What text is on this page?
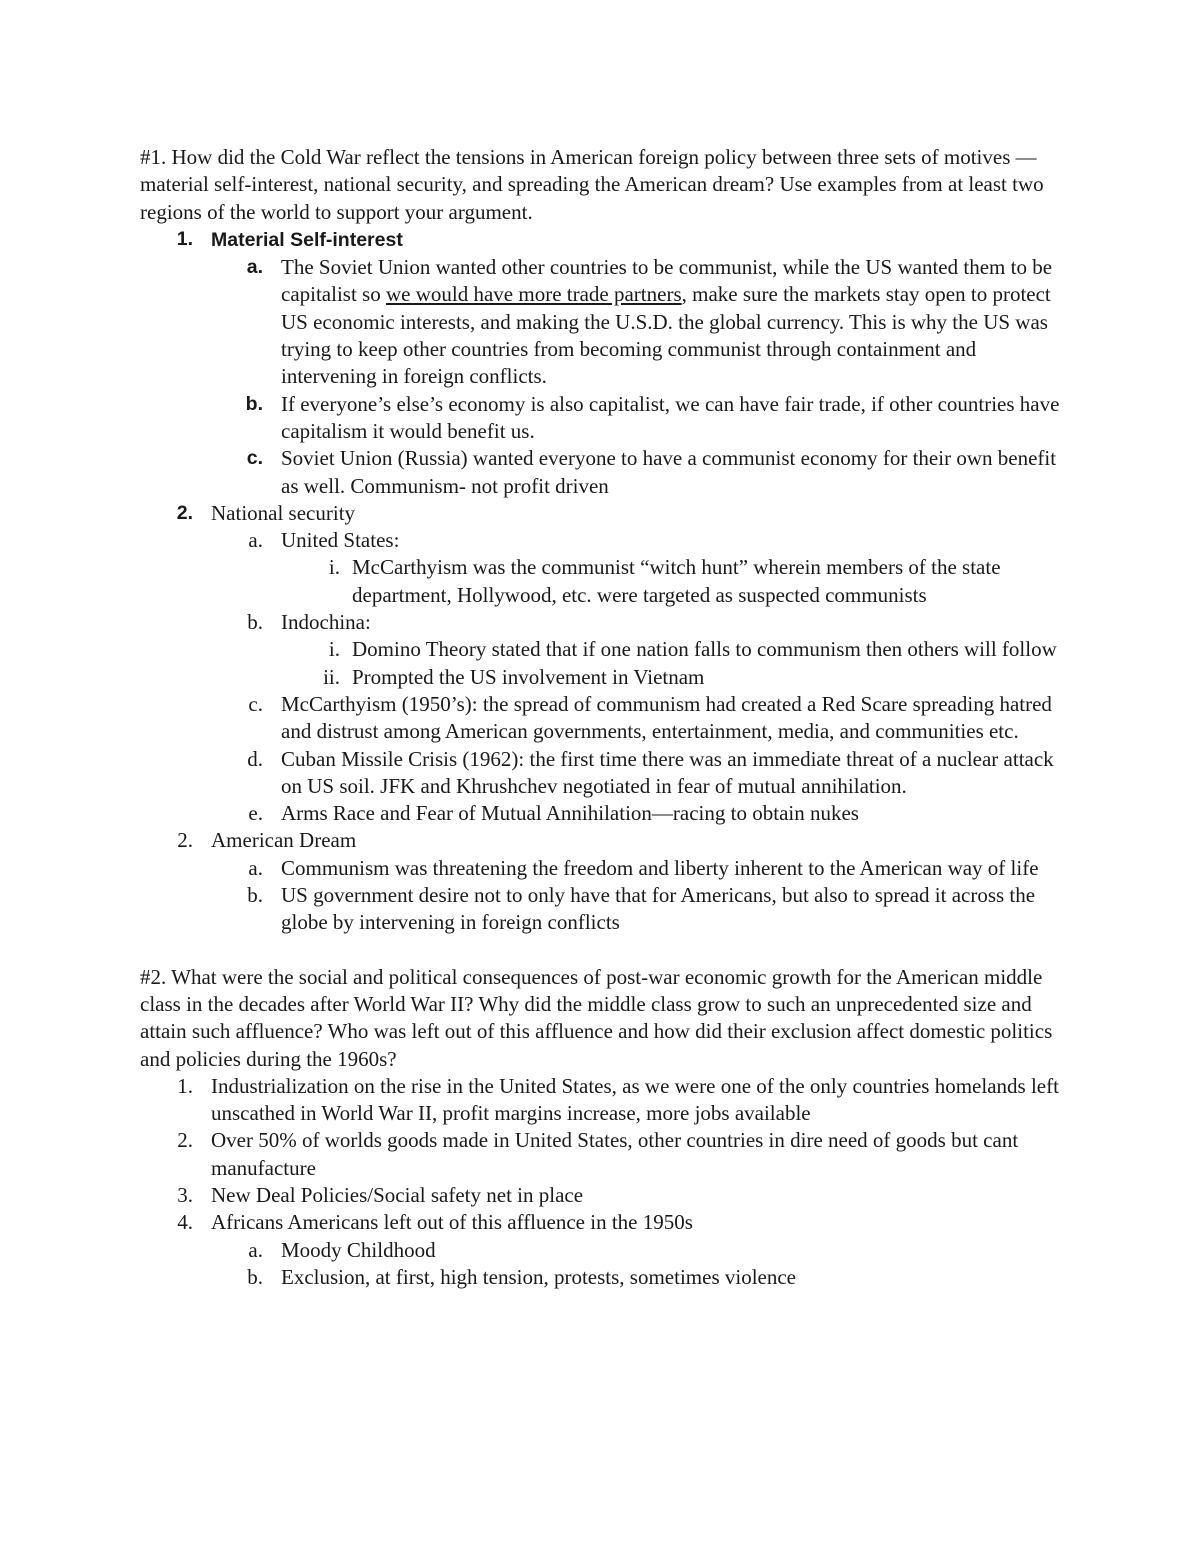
#1. How did the Cold War reflect the tensions in American foreign policy between three sets of motives — material self-interest, national security, and spreading the American dream? Use examples from at least two regions of the world to support your argument.

1. Material Self-interest
a. The Soviet Union wanted other countries to be communist, while the US wanted them to be capitalist so we would have more trade partners, make sure the markets stay open to protect US economic interests, and making the U.S.D. the global currency. This is why the US was trying to keep other countries from becoming communist through containment and intervening in foreign conflicts.
b. If everyone’s else’s economy is also capitalist, we can have fair trade, if other countries have capitalism it would benefit us.
c. Soviet Union (Russia) wanted everyone to have a communist economy for their own benefit as well. Communism- not profit driven
2. National security
a. United States:
i. McCarthyism was the communist “witch hunt” wherein members of the state department, Hollywood, etc. were targeted as suspected communists
b. Indochina:
i. Domino Theory stated that if one nation falls to communism then others will follow
ii. Prompted the US involvement in Vietnam
c. McCarthyism (1950’s): the spread of communism had created a Red Scare spreading hatred and distrust among American governments, entertainment, media, and communities etc.
d. Cuban Missile Crisis (1962): the first time there was an immediate threat of a nuclear attack on US soil. JFK and Khrushchev negotiated in fear of mutual annihilation.
e. Arms Race and Fear of Mutual Annihilation—racing to obtain nukes
2. American Dream
a. Communism was threatening the freedom and liberty inherent to the American way of life
b. US government desire not to only have that for Americans, but also to spread it across the globe by intervening in foreign conflicts

#2. What were the social and political consequences of post-war economic growth for the American middle class in the decades after World War II? Why did the middle class grow to such an unprecedented size and attain such affluence? Who was left out of this affluence and how did their exclusion affect domestic politics and policies during the 1960s?

1. Industrialization on the rise in the United States, as we were one of the only countries homelands left unscathed in World War II, profit margins increase, more jobs available
2. Over 50% of worlds goods made in United States, other countries in dire need of goods but cant manufacture
3. New Deal Policies/Social safety net in place
4. Africans Americans left out of this affluence in the 1950s
a. Moody Childhood
b. Exclusion, at first, high tension, protests, sometimes violence
